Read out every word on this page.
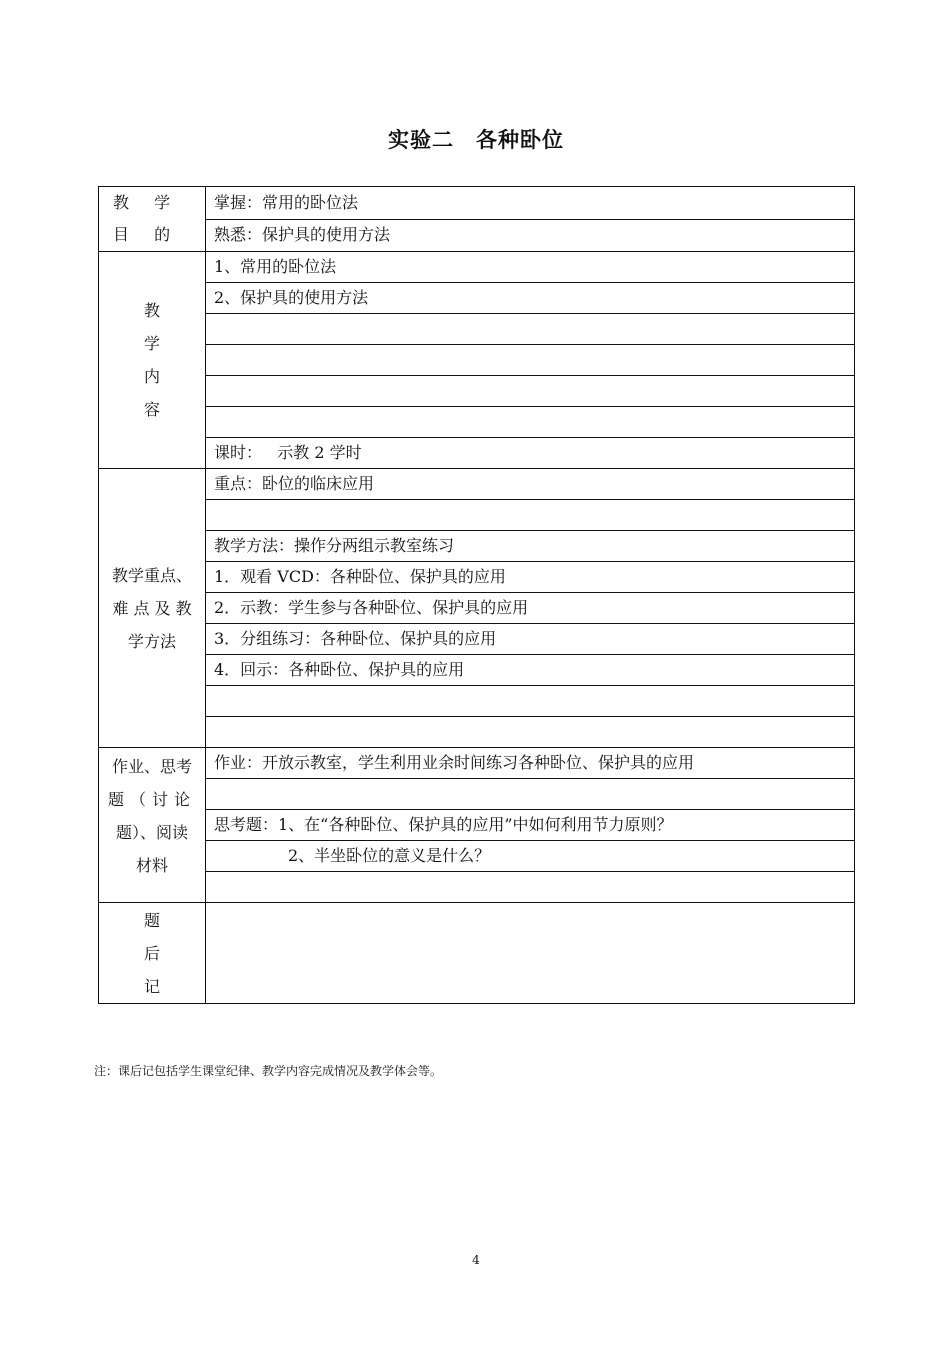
实验二 各种卧位
教 学
目 的	掌握：常用的卧位法
	熟悉：保护具的使用方法

教
学
内
容	1、常用的卧位法
	2、保护具的使用方法

	课时：   示教 2 学时

教学重点、
难 点 及 教
学方法	重点：卧位的临床应用

	教学方法：操作分两组示教室练习
	1．观看 VCD：各种卧位、保护具的应用
	2．示教：学生参与各种卧位、保护具的应用
	3．分组练习：各种卧位、保护具的应用
	4．回示：各种卧位、保护具的应用

作业、思考
题（讨论
题）、阅读
材料	作业：开放示教室，学生利用业余时间练习各种卧位、保护具的应用

	思考题：1、在“各种卧位、保护具的应用”中如何利用节力原则？
	2、半坐卧位的意义是什么？

题
后
记	

注：课后记包括学生课堂纪律、教学内容完成情况及教学体会等。
4
